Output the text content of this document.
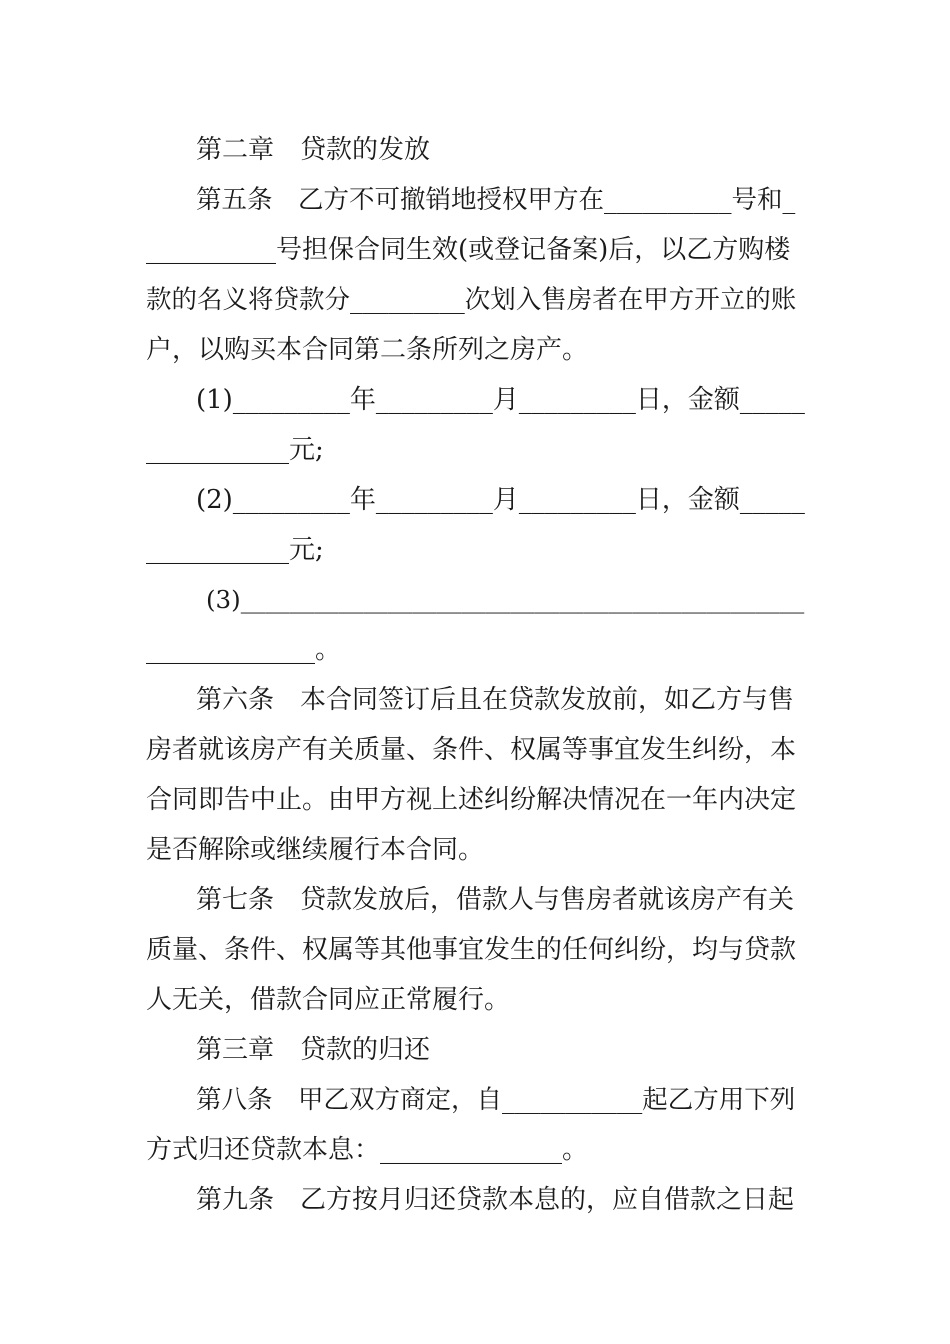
第二章　贷款的发放
第五条　乙方不可撤销地授权甲方在__________号和_
__________号担保合同生效(或登记备案)后，以乙方购楼
款的名义将贷款分_________次划入售房者在甲方开立的账
户，以购买本合同第二条所列之房产。
(1)_________年_________月_________日，金额_____
___________元;
(2)_________年_________月_________日，金额_____
___________元;
(3)______________________________________________
_____________。
第六条　本合同签订后且在贷款发放前，如乙方与售
房者就该房产有关质量、条件、权属等事宜发生纠纷，本
合同即告中止。由甲方视上述纠纷解决情况在一年内决定
是否解除或继续履行本合同。
第七条　贷款发放后，借款人与售房者就该房产有关
质量、条件、权属等其他事宜发生的任何纠纷，均与贷款
人无关，借款合同应正常履行。
第三章　贷款的归还
第八条　甲乙双方商定，自___________起乙方用下列
方式归还贷款本息：______________。
第九条　乙方按月归还贷款本息的，应自借款之日起
